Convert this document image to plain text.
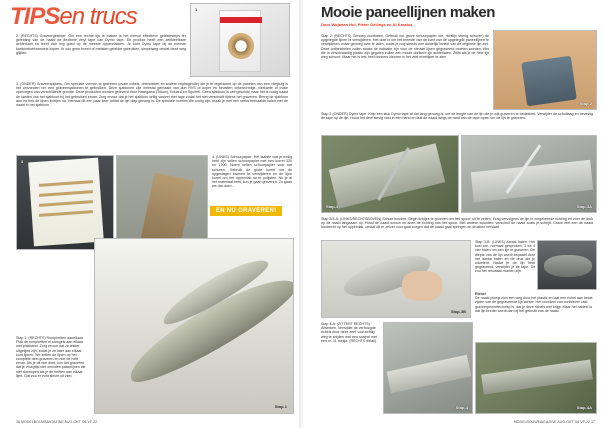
TIPSen trucs	1
2. (RECHTS) Graveergeleider: Om een rechte lijn te maken is het niervol effectieve geleidestrips ter geleiding van de naald de flexibele vinyl tape van Dymo tape. Dit product heeft een zelfkleefbare achterkant en leent zich erg goed op de meeste oppervlakken. Je kunt Dymo tape bij de meeste kantoorboekhandels kopen. Ik zou geen breed of metalen geleider gebruiken, simpelweg omdat deze weg glijden.
3. (ONDER) Graveerspijkers: Om speciale vormen te graveren (ovale cirkels, driehoeken en andere vrijdragende) die je te tegenkomt op de panelen van een vliegtuig is het omvonden om een graveersjablonen te gebruiken. Deze sjablonen zijn meestal gemaakt van dun RVS of koper en bevatten cirkelvormige, vierkante of ovale openingen van verschillende grootte. Deze producten worden geleverd door Hasegawa (Trikon), Eduard en Squirrel. Geen sjabloon is zelf geschikt maar het is nodig naast de kanten van het sjabloon bij het gebruiken ervan. Zorg ervoor dat je het sjabloon veilig vastzet met tape zodat het niet verschuift tijdens het graveren. Breng de sjabloon aan en trek de lijnen lichtjes na. Herhaal dit een paar keer totdat de lijn diep genoeg is. De speciale vormen die nodig zijn, maak je met een reeks herhaalde halen met de naald in het sjabloon.
3
4. (LINKS) Schuurpapier: Het laatste wat je nodig hebt zijn vellen schuurpapier met een korrel 320 en 1200. Noem vellen schuurpapier voor nat schuren. Gebruik de grote korrel om de opgeslagen bramen te verwijderen en de fijne korrel om het oppervlak na te polijsten. Nu je al het materiaal hebt, kun je gaan graveren. Zo gaan we dat doen...
EN NU GRAVEREN!
Stap-1
Stap 1: (RECHTS) Rompheften aanelkaar. Plak de rompheften el stoogels aan elkaar met plakband. Zorg ervoor dat ze lekker uitgelijnd zijn, zodat je ze later aan elkaar kunt lijmen. We zetten de lijnen op het complete deel graveren en niet de helft ervan. Als je dit niet doet, kun het graveren dat je vroegtijd niet ontvolen passelijnen die niet doorlopen als je de helften aan elkaar lijmt. Dat zou er echt slecht uit zien.
36 MODELBOUWMAGAZINE AUG-OKT '08 VF-22
Mooie paneellijnen maken
Door Wojanan Hul, Pieter Gellings en Al Karalus
Stap 2: (RECHTS) Genoeg voorbaten. Gebruik het grove schuurpapier om, richtlijn streng schuren) de opgelegde lijnen te verwijderen. Het doel is om het meeste van de kant van de opgelegde paneellijnen te verwijderen, maar genoeg over te laten, zodat je nog steeds een duidelijk inziekt van de originele lijn ziet. Deze ontbinkkelen zullen straks de indicatie zijn voor de nieuwe lijnen gegraveerd moeten worden. Kits die in zinvolvaardig plastic zijn gegoten zullen een mooie donkere lijn achterlaten. Zelfs als je de hele lijn weg schuurt. Maar het is iets heel donkers kleuren is het veel moeilijker te zien.
Stap-2
Stap 3 (ONDER) Dymo tape. Knip een stuk Dymo tape af dat lang genoeg is, om de lengte van de lijn die je wilt graveren te bedekken. Verwijder de schutlaag en bevestig de tape op de lijn. Houd het deel stevig vast in één hand en laat de naald langs de rand van de tape lopen om de lijn te graveren.
Stap-3	Stap-3A
Stap 3/3-A: (LINKS/RECHTSBOVEN) Schuin houden. Begin lichtjes te groeven om het 'spoor' uit te zetten. Krag vervolgens de lijn in omgekeerde richting en voer de druk op de naald langzaam op. Houd de naald schuin en ahen de richting van het spoor. Met andere woorden: verschuif de naald zoals je schrijft. Grave met een de naald loodrecht op het oppervlak, omdat dit er zelver voor gaat zorgen dat de naald gaat springen en drukken verslaat.
Stap-3B
Stap 3-B: (LINKS) Aantal halen. Het kost me, normaal gesproken, 3 tot 4 vier halen om een lijn te graveren. De diepte van de lijn wordt bepaald door het aantal halen en de druk die je uitoefent. Nadat je de lijn hebt gegraveerd, verwijder je de tape. Dit zou het resultaat moeten zijn.
Richel
De naald ploegt zich een weg door het plastic en laat een richel aan beide zijden van de gegraveerde lijn achter. Het voordeel van conisiever cast graveerpennetechnisp is, dat je deze richels niet krijgt. Maar het nadeel is dat lijn breder wordt dan bij het gebruik van de naald.
Stap 4-A: (ZITTERT RECHTS) Afwerken. Verwijder de verhoogde richels door deze zeer voorzichtig weg te snijden met een scalpel met een nr. 11 mesja. (RECHTS detail).
Stap-4	Stap-4A
MODELBOUWMAGAZINE AUG-OKT '08 VF-22 37
